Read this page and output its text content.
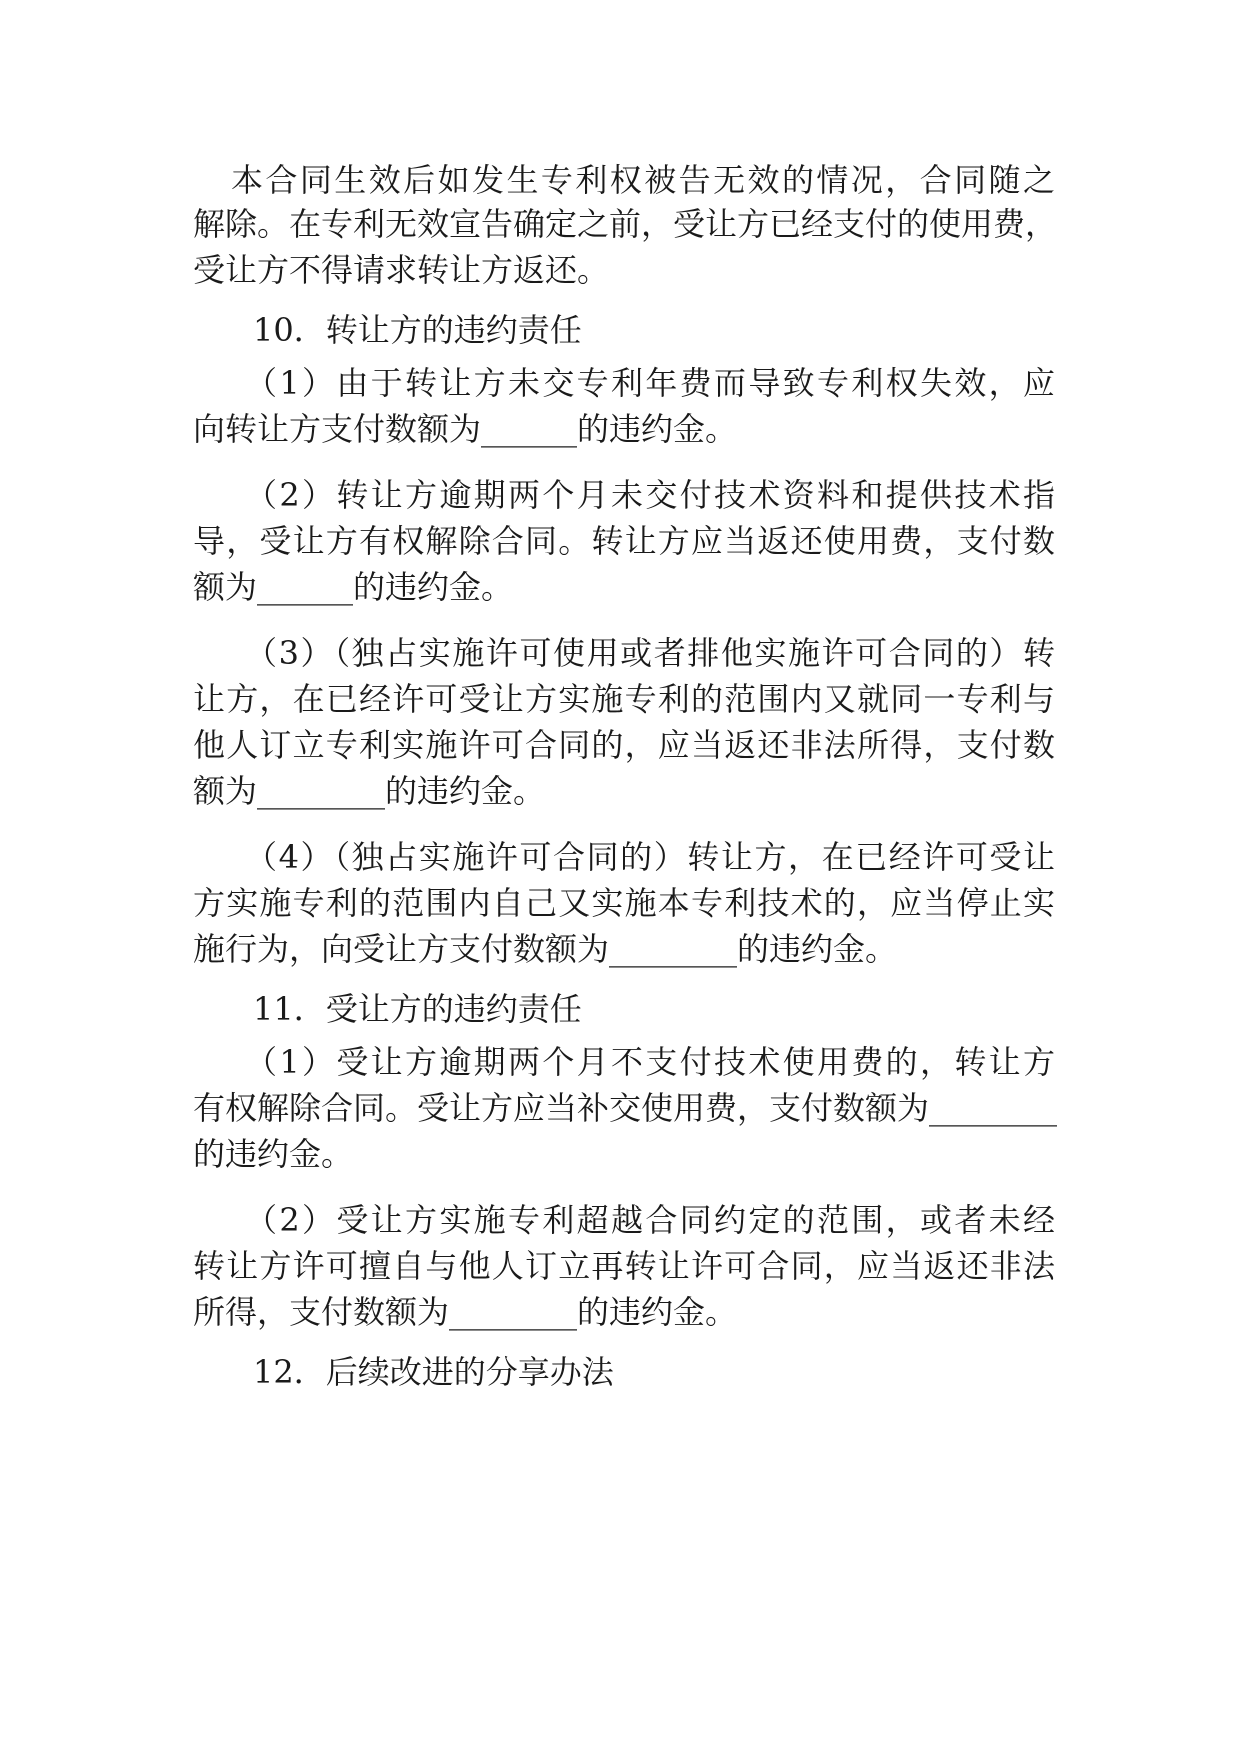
本合同生效后如发生专利权被告无效的情况，合同随之
解除。在专利无效宣告确定之前，受让方已经支付的使用费，
受让方不得请求转让方返还。
10．转让方的违约责任
（1）由于转让方未交专利年费而导致专利权失效，应
向转让方支付数额为______的违约金。
（2）转让方逾期两个月未交付技术资料和提供技术指
导，受让方有权解除合同。转让方应当返还使用费，支付数
额为______的违约金。
（3）（独占实施许可使用或者排他实施许可合同的）转
让方，在已经许可受让方实施专利的范围内又就同一专利与
他人订立专利实施许可合同的，应当返还非法所得，支付数
额为________的违约金。
（4）（独占实施许可合同的）转让方，在已经许可受让
方实施专利的范围内自己又实施本专利技术的，应当停止实
施行为，向受让方支付数额为________的违约金。
11．受让方的违约责任
（1）受让方逾期两个月不支付技术使用费的，转让方
有权解除合同。受让方应当补交使用费，支付数额为________
的违约金。
（2）受让方实施专利超越合同约定的范围，或者未经
转让方许可擅自与他人订立再转让许可合同，应当返还非法
所得，支付数额为________的违约金。
12．后续改进的分享办法
